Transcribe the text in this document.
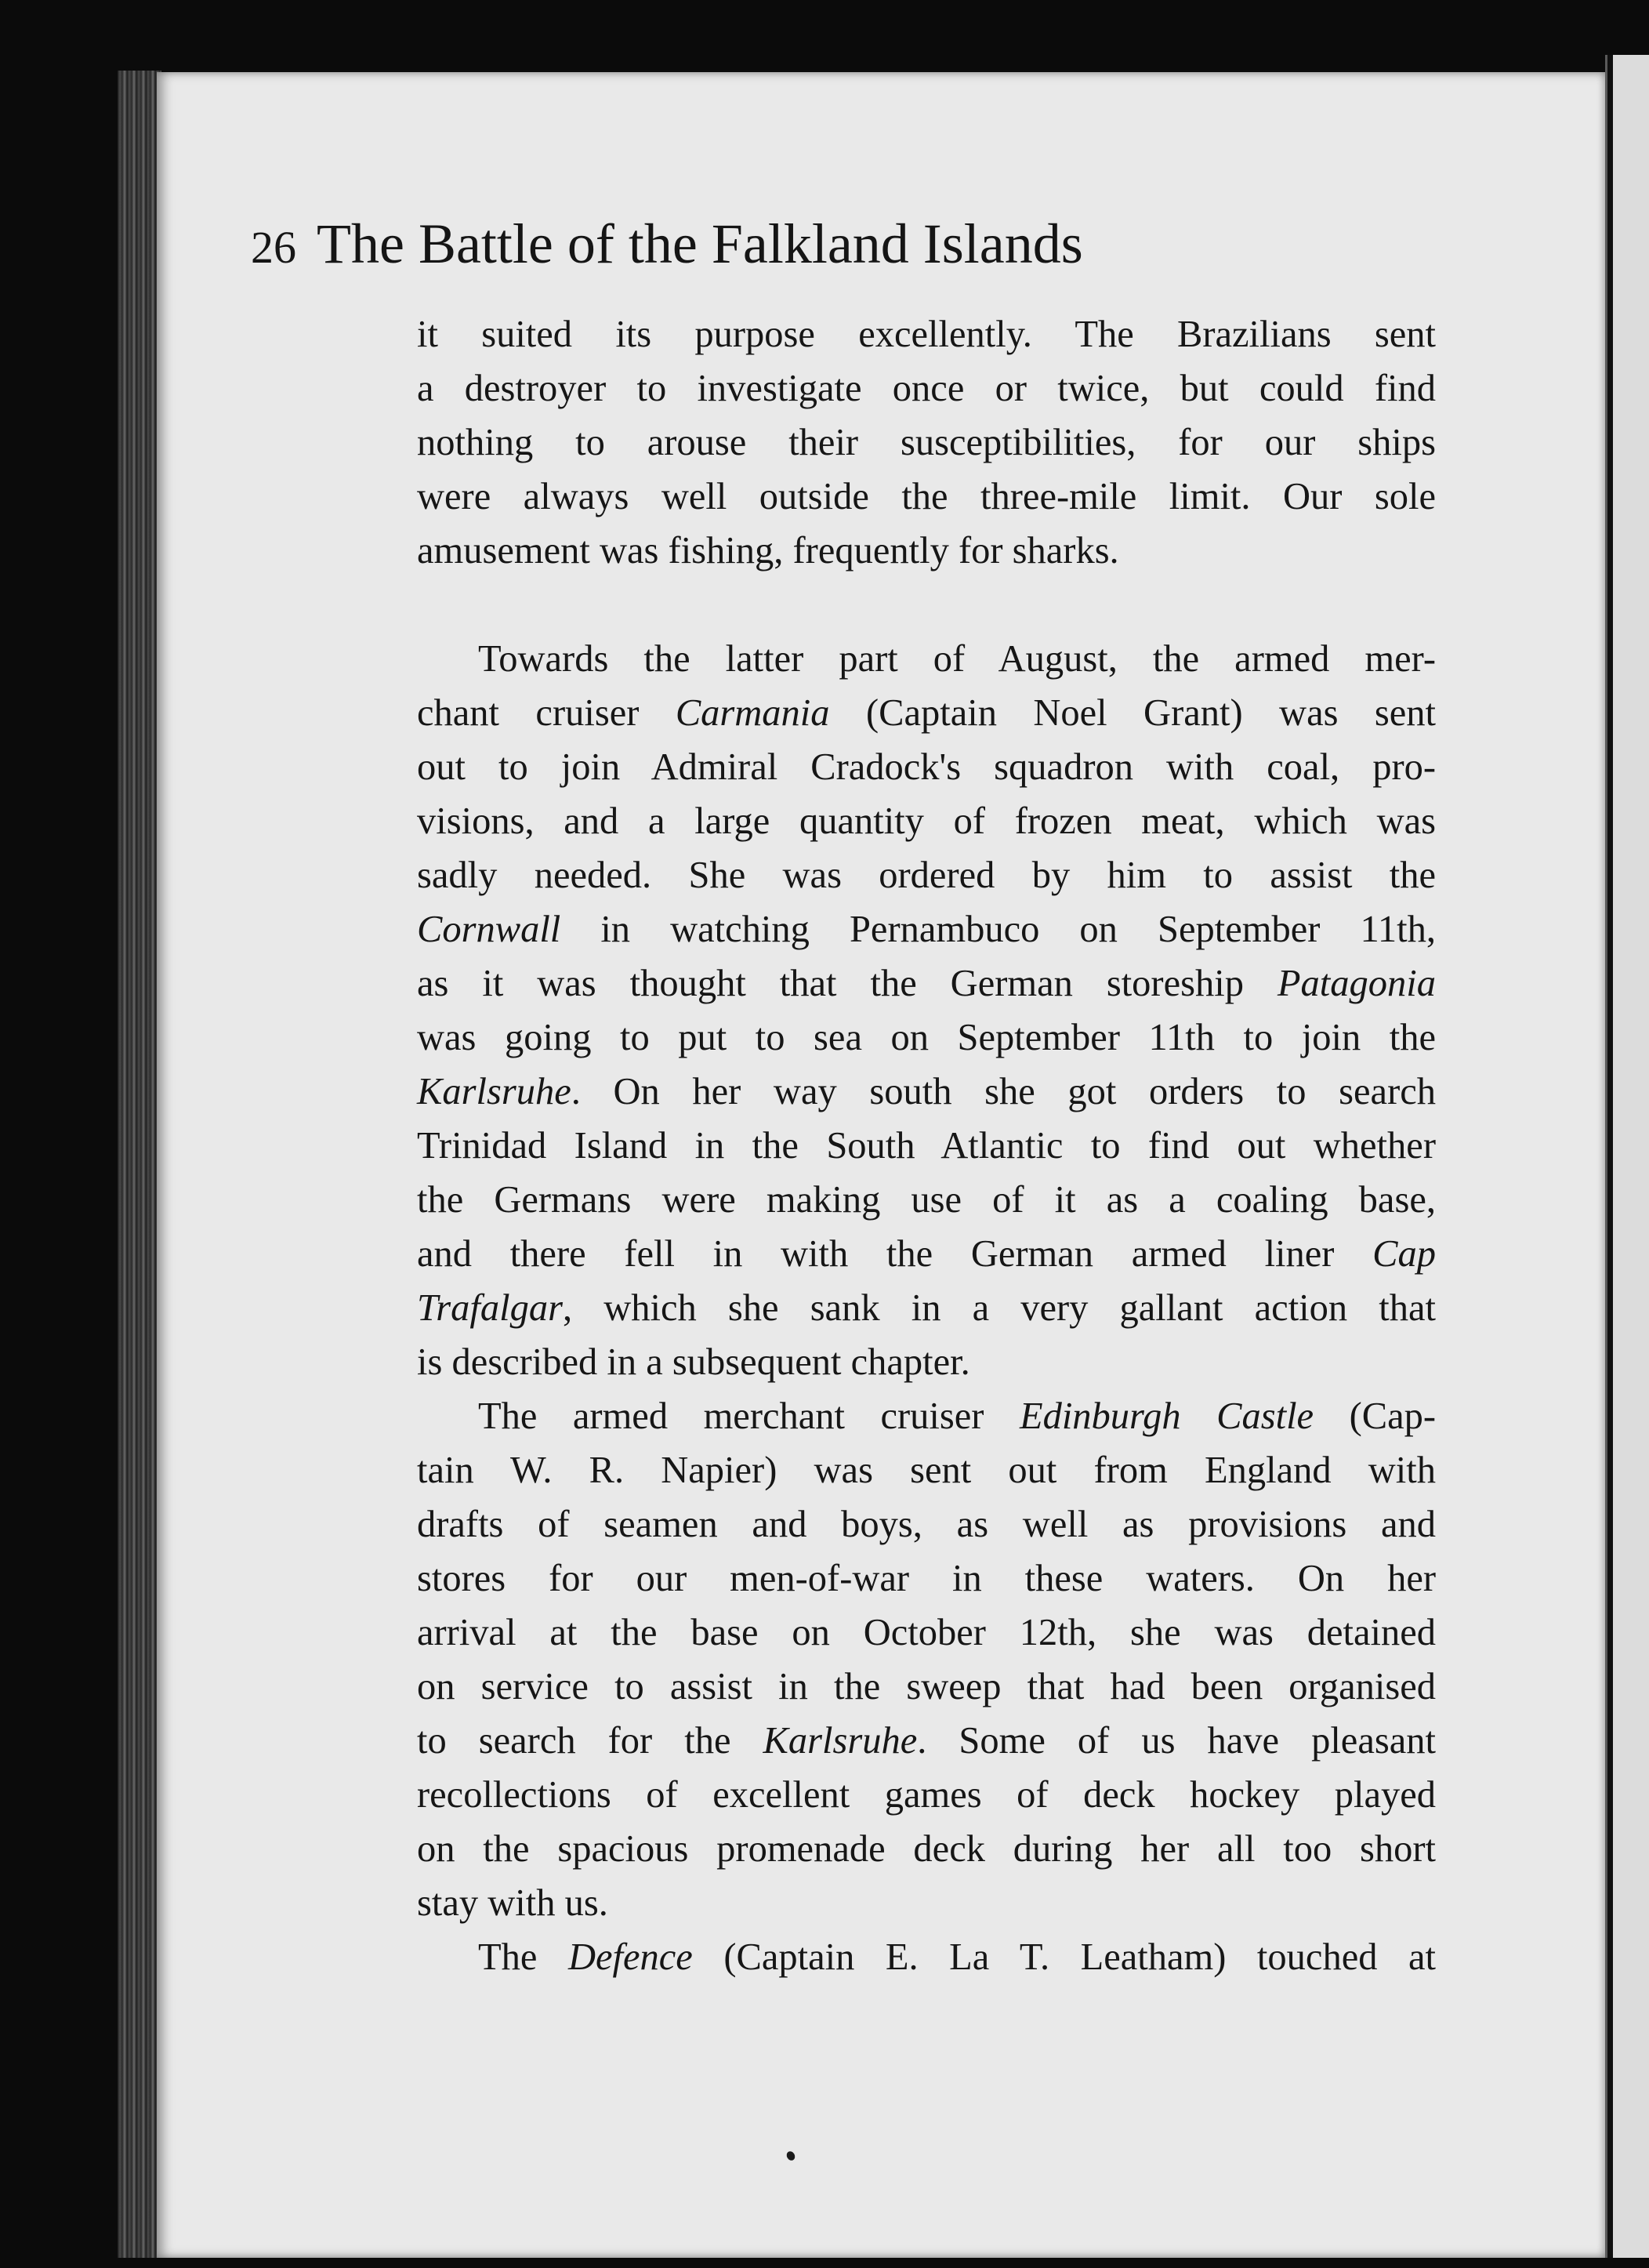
26 The Battle of the Falkland Islands
it suited its purpose excellently. The Brazilians sent
a destroyer to investigate once or twice, but could find
nothing to arouse their susceptibilities, for our ships
were always well outside the three-mile limit. Our sole
amusement was fishing, frequently for sharks.
Towards the latter part of August, the armed mer-
chant cruiser Carmania (Captain Noel Grant) was sent
out to join Admiral Cradock's squadron with coal, pro-
visions, and a large quantity of frozen meat, which was
sadly needed. She was ordered by him to assist the
Cornwall in watching Pernambuco on September 11th,
as it was thought that the German storeship Patagonia
was going to put to sea on September 11th to join the
Karlsruhe. On her way south she got orders to search
Trinidad Island in the South Atlantic to find out whether
the Germans were making use of it as a coaling base,
and there fell in with the German armed liner Cap
Trafalgar, which she sank in a very gallant action that
is described in a subsequent chapter.
The armed merchant cruiser Edinburgh Castle (Cap-
tain W. R. Napier) was sent out from England with
drafts of seamen and boys, as well as provisions and
stores for our men-of-war in these waters. On her
arrival at the base on October 12th, she was detained
on service to assist in the sweep that had been organised
to search for the Karlsruhe. Some of us have pleasant
recollections of excellent games of deck hockey played
on the spacious promenade deck during her all too short
stay with us.
The Defence (Captain E. La T. Leatham) touched at
